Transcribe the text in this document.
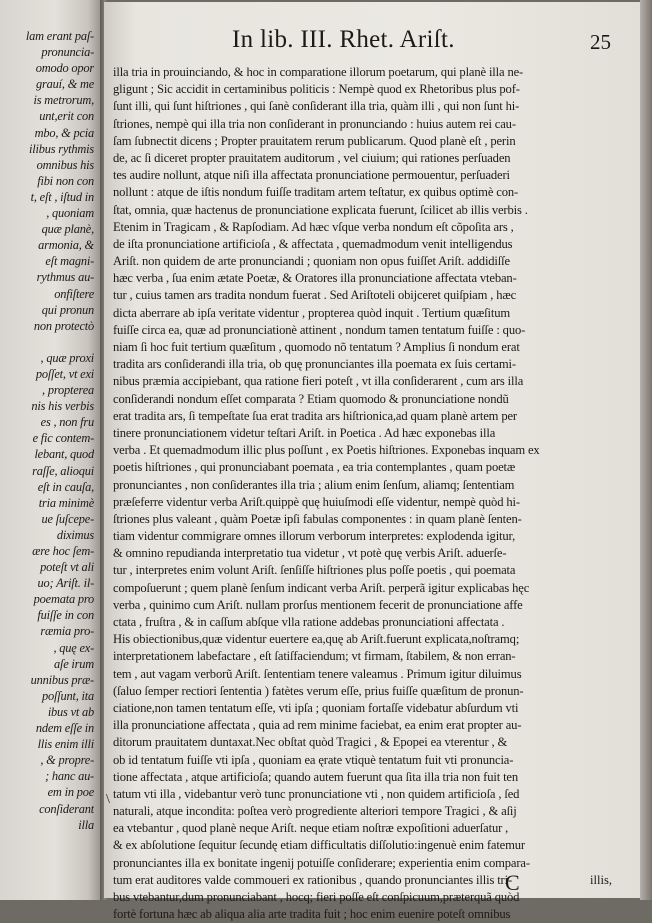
lam erant paſ-
pronuncia-
omodo opor
grauí, & me
is metrorum,
unt,erit con
mbo, & pcia
ilibus rythmis
omnibus his
fibi non con
t, eſt , iſtud in
, quoniam
quæ planè,
armonia, &
eſt magni-
rythmus au-
onfiſtere
qui pronun
non protectò

, quæ proxi
poſſet, vt exi
, propterea
nis his verbis
es , non fru
e fic contem-
lebant, quod
raſſe, alioqui
eſt in cauſa,
tria minimè
ue ſuſcepe-
diximus
ære hoc ſem-
poteſt vt ali
uo; Ariſt. il-
poemata pro
fuiſſe in con
ræmia pro-
, quę ex-
aſe irum
unnibus præ-
poſſunt, ita
ibus vt ab
ndem eſſe in
llis enim illi
, & propre-
; hanc au-
em in poe
conſiderant
illa
In lib. III. Rhet. Ariſt.	25
illa tria in prouinciando, & hoc in comparatione illorum poetarum, qui planè illa ne-
gligunt ; Sic accidit in certaminibus politicis : Nempè quod ex Rhetoribus plus pof-
ſunt illi, qui ſunt hiſtriones , qui ſanè conſiderant illa tria, quàm illi , qui non ſunt hi-
ſtriones, nempè qui illa tria non conſiderant in pronunciando : huius autem rei cau-
ſam ſubnectit dicens ; Propter prauitatem rerum publicarum. Quod planè eſt , perin
de, ac ſi diceret propter prauitatem auditorum , vel ciuium; qui rationes perſuaden
tes audire nollunt, atque niſi illa affectata pronunciatione permouentur, perſuaderi
nollunt : atque de iſtis nondum fuiſſe traditam artem teſtatur, ex quibus optimè con-
ſtat, omnia, quæ hactenus de pronunciatione explicata fuerunt, ſcilicet ab illis verbis .
Etenim in Tragicam , & Rapſodiam. Ad hæc vſque verba nondum eſt cõpoſita ars ,
de iſta pronunciatione artificioſa , & affectata , quemadmodum venit intelligendus
Ariſt. non quidem de arte pronunciandi ; quoniam non opus fuiſſet Ariſt. addidiſſe
hæc verba , ſua enim ætate Poetæ, & Oratores illa pronunciatione affectata vteban-
tur , cuius tamen ars tradita nondum fuerat . Sed Ariſtoteli obijceret quiſpiam , hæc
dicta aberrare ab ipſa veritate videntur , propterea quòd inquit . Tertium quæſitum
fuiſſe circa ea, quæ ad pronunciationè attinent , nondum tamen tentatum fuiſſe : quo-
niam ſi hoc fuit tertium quæſitum , quomodo nõ tentatum ? Amplius ſi nondum erat
tradita ars conſiderandi illa tria, ob quę pronunciantes illa poemata ex ſuis certami-
nibus præmia accipiebant, qua ratione fieri poteſt , vt illa conſiderarent , cum ars illa
conſiderandi nondum eſſet comparata ? Etiam quomodo & pronunciatione nondũ
erat tradita ars, ſi tempeſtate ſua erat tradita ars hiſtrionica,ad quam planè artem per
tinere pronunciationem videtur teſtari Ariſt. in Poetica . Ad hæc exponebas illa
verba . Et quemadmodum illic plus poſſunt , ex Poetis hiſtriones. Exponebas inquam ex
poetis hiſtriones , qui pronunciabant poemata , ea tria contemplantes , quam poetæ
pronunciantes , non conſiderantes illa tria ; alium enim ſenſum, aliamq; ſententiam
præſeferre videntur verba Ariſt.quippè quę huiuſmodi eſſe videntur, nempè quòd hi-
ſtriones plus valeant , quàm Poetæ ipſi fabulas componentes : in quam planè ſenten-
tiam videntur commigrare omnes illorum verborum interpretes: explodenda igitur,
& omnino repudianda interpretatio tua videtur , vt potè quę verbis Ariſt. aduerſe-
tur , interpretes enim volunt Ariſt. ſenſiſſe hiſtriones plus poſſe poetis , qui poemata
compoſuerunt ; quem planè ſenſum indicant verba Ariſt. perperã igitur explicabas hęc
verba , quinimo cum Ariſt. nullam prorſus mentionem fecerit de pronunciatione affe
ctata , fruſtra , & in caſſum abſque vlla ratione addebas pronunciationi affectata .
His obiectionibus,quæ videntur euertere ea,quę ab Ariſt.fuerunt explicata,noſtramq;
interpretationem labefactare , eſt ſatiſfaciendum; vt firmam, ſtabilem, & non erran-
tem , aut vagam verborũ Ariſt. ſententiam tenere valeamus . Primum igitur diluimus
(ſaluo ſemper rectiori ſententia ) fatètes verum eſſe, prius fuiſſe quæſitum de pronun-
ciatione,non tamen tentatum eſſe, vti ipſa ; quoniam fortaſſe videbatur abſurdum vti
illa pronunciatione affectata , quia ad rem minime faciebat, ea enim erat propter au-
ditorum prauitatem duntaxat.Nec obſtat quòd Tragici , & Epopei ea vterentur , &
ob id tentatum fuiſſe vti ipſa , quoniam ea ęrate vtiquè tentatum fuit vti pronuncia-
tione affectata , atque artificioſa; quando autem fuerunt qua ſita illa tria non fuit ten
tatum vti illa , videbantur verò tunc pronunciatione vti , non quidem artificioſa , ſed
naturali, atque incondita: poſtea verò progrediente alteriori tempore Tragici , & aſij
ea vtebantur , quod planè neque Ariſt. neque etiam noſtræ expoſitioni aduerſatur ,
& ex abſolutione ſequitur ſecundę etiam difficultatis diſſolutio:ingenuè enim fatemur
pronunciantes illa ex bonitate ingenij potuiſſe conſiderare; experientia enim compara-
tum erat auditores valde commoueri ex rationibus , quando pronunciantes illis tri-
bus vtebantur,dum pronunciabant , hocq; fieri poſſe eſt conſpicuum,præterquã quòd
fortè fortuna hæc ab aliqua alia arte tradita fuit ; hoc enim euenire poteſt omnibus
\
C	illis,
